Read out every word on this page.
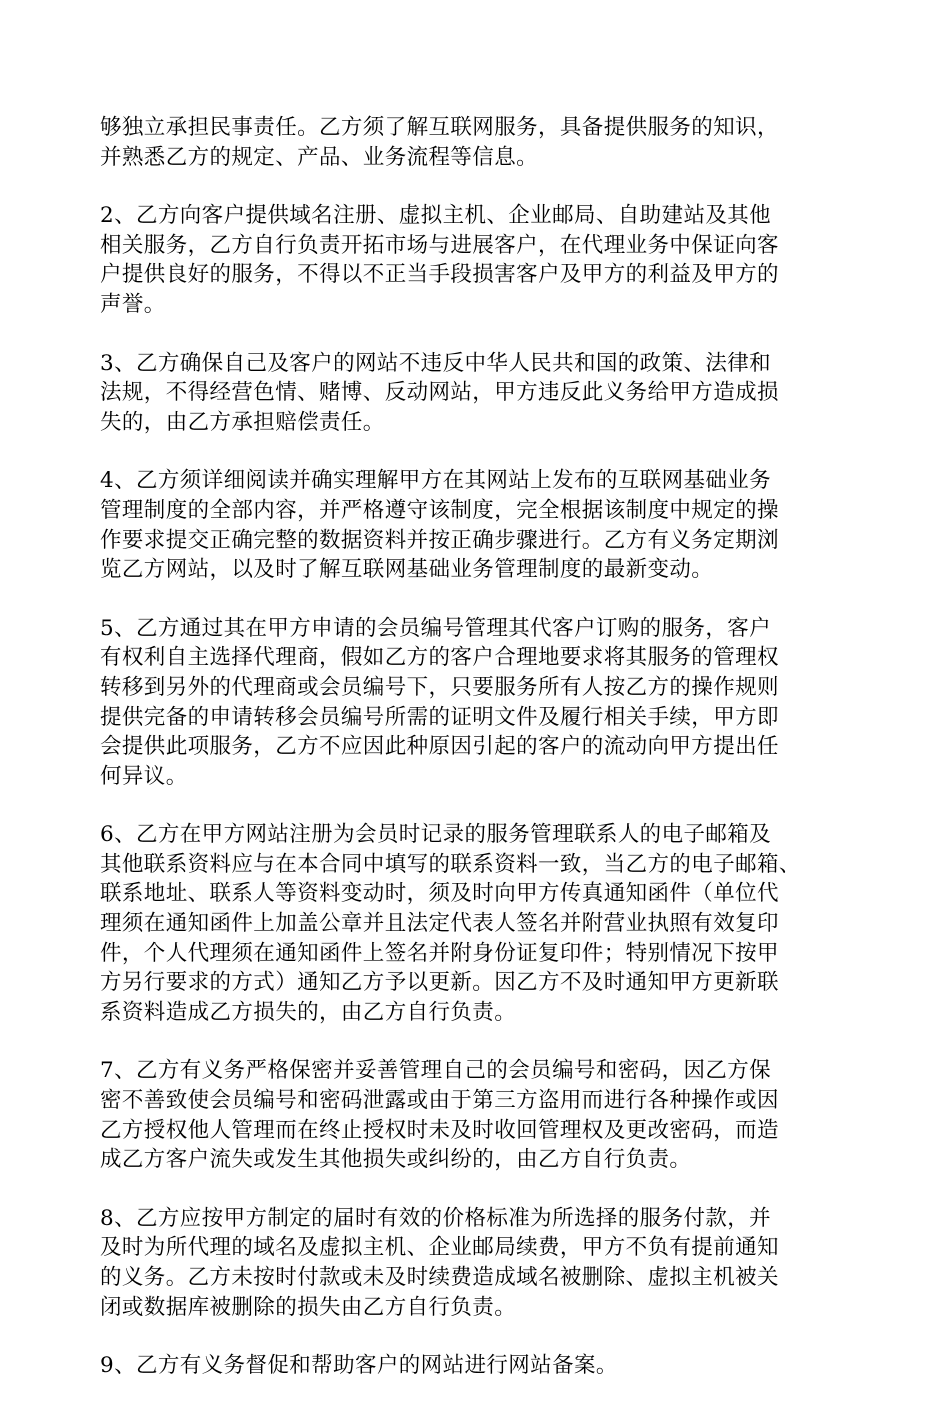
够独立承担民事责任。乙方须了解互联网服务，具备提供服务的知识，
并熟悉乙方的规定、产品、业务流程等信息。

2、乙方向客户提供域名注册、虚拟主机、企业邮局、自助建站及其他
相关服务，乙方自行负责开拓市场与进展客户，在代理业务中保证向客
户提供良好的服务，不得以不正当手段损害客户及甲方的利益及甲方的
声誉。

3、乙方确保自己及客户的网站不违反中华人民共和国的政策、法律和
法规，不得经营色情、赌博、反动网站，甲方违反此义务给甲方造成损
失的，由乙方承担赔偿责任。

4、乙方须详细阅读并确实理解甲方在其网站上发布的互联网基础业务
管理制度的全部内容，并严格遵守该制度，完全根据该制度中规定的操
作要求提交正确完整的数据资料并按正确步骤进行。乙方有义务定期浏
览乙方网站，以及时了解互联网基础业务管理制度的最新变动。

5、乙方通过其在甲方申请的会员编号管理其代客户订购的服务，客户
有权利自主选择代理商，假如乙方的客户合理地要求将其服务的管理权
转移到另外的代理商或会员编号下，只要服务所有人按乙方的操作规则
提供完备的申请转移会员编号所需的证明文件及履行相关手续，甲方即
会提供此项服务，乙方不应因此种原因引起的客户的流动向甲方提出任
何异议。

6、乙方在甲方网站注册为会员时记录的服务管理联系人的电子邮箱及
其他联系资料应与在本合同中填写的联系资料一致，当乙方的电子邮箱、
联系地址、联系人等资料变动时，须及时向甲方传真通知函件（单位代
理须在通知函件上加盖公章并且法定代表人签名并附营业执照有效复印
件，个人代理须在通知函件上签名并附身份证复印件；特别情况下按甲
方另行要求的方式）通知乙方予以更新。因乙方不及时通知甲方更新联
系资料造成乙方损失的，由乙方自行负责。

7、乙方有义务严格保密并妥善管理自己的会员编号和密码，因乙方保
密不善致使会员编号和密码泄露或由于第三方盗用而进行各种操作或因
乙方授权他人管理而在终止授权时未及时收回管理权及更改密码，而造
成乙方客户流失或发生其他损失或纠纷的，由乙方自行负责。

8、乙方应按甲方制定的届时有效的价格标准为所选择的服务付款，并
及时为所代理的域名及虚拟主机、企业邮局续费，甲方不负有提前通知
的义务。乙方未按时付款或未及时续费造成域名被删除、虚拟主机被关
闭或数据库被删除的损失由乙方自行负责。

9、乙方有义务督促和帮助客户的网站进行网站备案。
